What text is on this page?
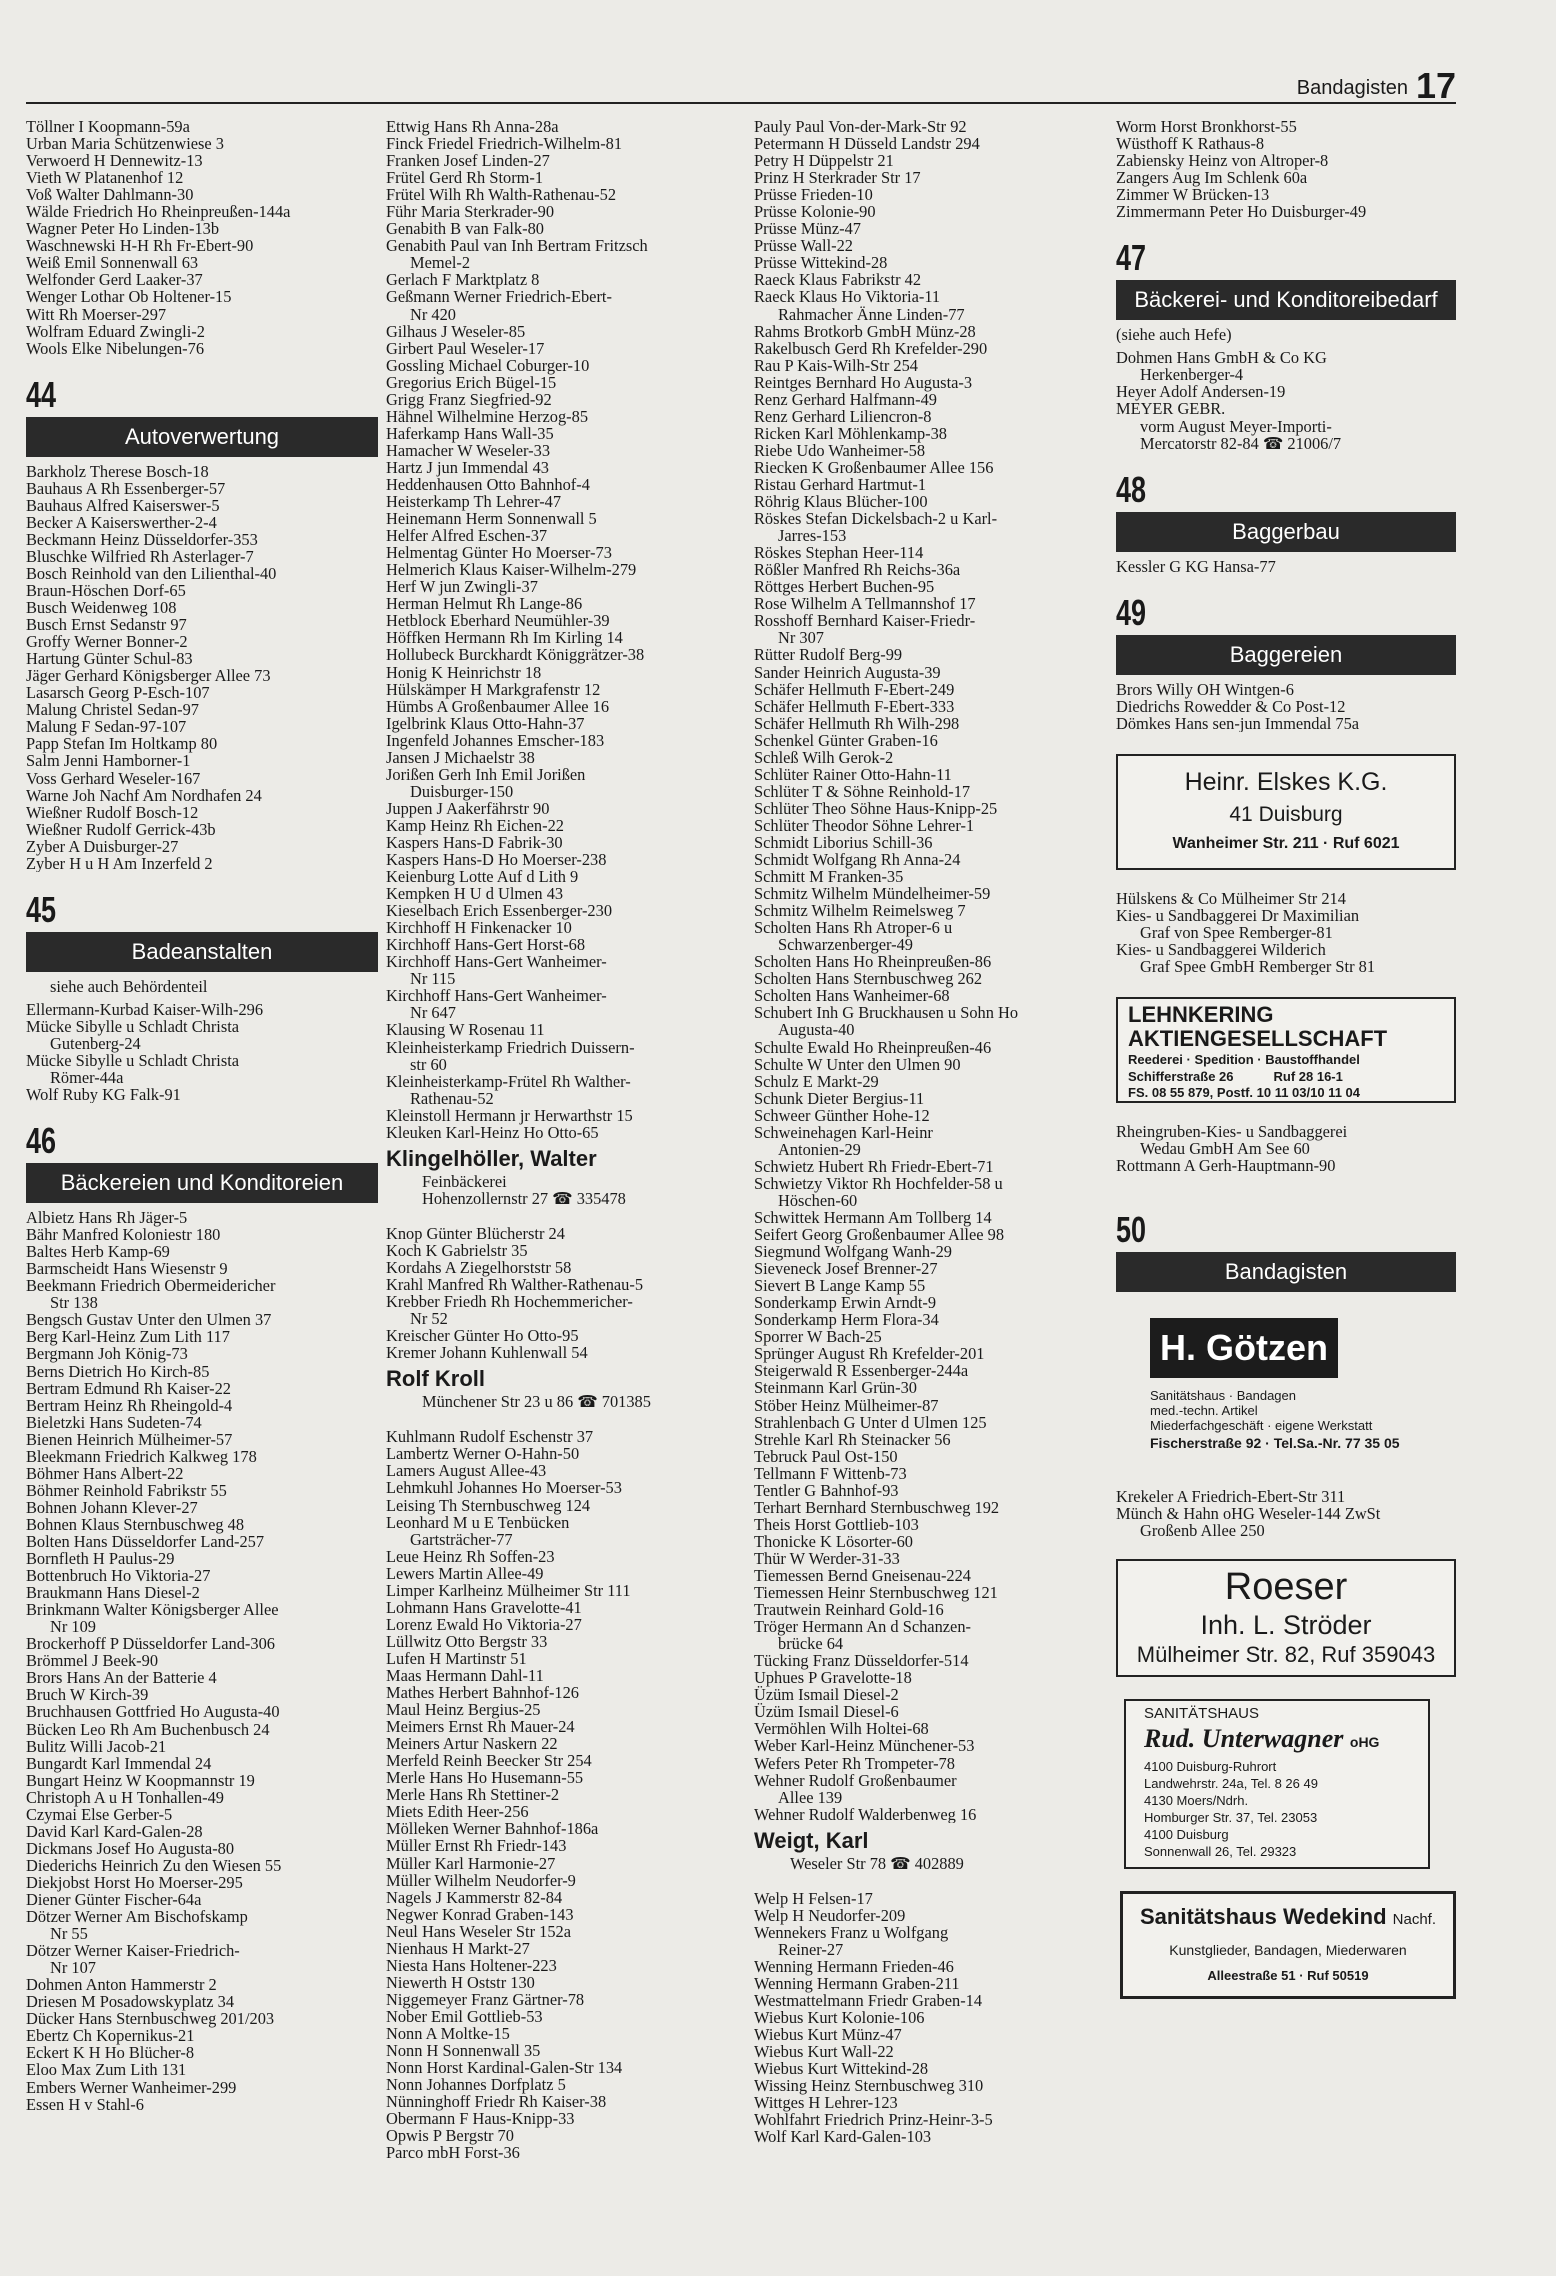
Bandagisten 17
Töllner I Koopmann-59a
Urban Maria Schützenwiese 3
Verwoerd H Dennewitz-13
Vieth W Platanenhof 12
Voß Walter Dahlmann-30
Wälde Friedrich Ho Rheinpreußen-144a
Wagner Peter Ho Linden-13b
Waschnewski H-H Rh Fr-Ebert-90
Weiß Emil Sonnenwall 63
Welfonder Gerd Laaker-37
Wenger Lothar Ob Holtener-15
Witt Rh Moerser-297
Wolfram Eduard Zwingli-2
Wools Elke Nibelungen-76
44
Autoverwertung
Barkholz Therese Bosch-18
Bauhaus A Rh Essenberger-57
Bauhaus Alfred Kaiserswer-5
Becker A Kaiserswerther-2-4
Beckmann Heinz Düsseldorfer-353
Bluschke Wilfried Rh Asterlager-7
Bosch Reinhold van den Lilienthal-40
Braun-Höschen Dorf-65
Busch Weidenweg 108
Busch Ernst Sedanstr 97
Groffy Werner Bonner-2
Hartung Günter Schul-83
Jäger Gerhard Königsberger Allee 73
Lasarsch Georg P-Esch-107
Malung Christel Sedan-97
Malung F Sedan-97-107
Papp Stefan Im Holtkamp 80
Salm Jenni Hamborner-1
Voss Gerhard Weseler-167
Warne Joh Nachf Am Nordhafen 24
Wießner Rudolf Bosch-12
Wießner Rudolf Gerrick-43b
Zyber A Duisburger-27
Zyber H u H Am Inzerfeld 2
45
Badeanstalten
siehe auch Behördenteil
Ellermann-Kurbad Kaiser-Wilh-296
Mücke Sibylle u Schladt Christa
Gutenberg-24
Mücke Sibylle u Schladt Christa
Römer-44a
Wolf Ruby KG Falk-91
46
Bäckereien und Konditoreien
Albietz Hans Rh Jäger-5
Bähr Manfred Koloniestr 180
Baltes Herb Kamp-69
Barmscheidt Hans Wiesenstr 9
Beekmann Friedrich Obermeidericher
Str 138
Bengsch Gustav Unter den Ulmen 37
Berg Karl-Heinz Zum Lith 117
Bergmann Joh König-73
Berns Dietrich Ho Kirch-85
Bertram Edmund Rh Kaiser-22
Bertram Heinz Rh Rheingold-4
Bieletzki Hans Sudeten-74
Bienen Heinrich Mülheimer-57
Bleekmann Friedrich Kalkweg 178
Böhmer Hans Albert-22
Böhmer Reinhold Fabrikstr 55
Bohnen Johann Klever-27
Bohnen Klaus Sternbuschweg 48
Bolten Hans Düsseldorfer Land-257
Bornfleth H Paulus-29
Bottenbruch Ho Viktoria-27
Braukmann Hans Diesel-2
Brinkmann Walter Königsberger Allee
Nr 109
Brockerhoff P Düsseldorfer Land-306
Brömmel J Beek-90
Brors Hans An der Batterie 4
Bruch W Kirch-39
Bruchhausen Gottfried Ho Augusta-40
Bücken Leo Rh Am Buchenbusch 24
Bulitz Willi Jacob-21
Bungardt Karl Immendal 24
Bungart Heinz W Koopmannstr 19
Christoph A u H Tonhallen-49
Czymai Else Gerber-5
David Karl Kard-Galen-28
Dickmans Josef Ho Augusta-80
Diederichs Heinrich Zu den Wiesen 55
Diekjobst Horst Ho Moerser-295
Diener Günter Fischer-64a
Dötzer Werner Am Bischofskamp
Nr 55
Dötzer Werner Kaiser-Friedrich-
Nr 107
Dohmen Anton Hammerstr 2
Driesen M Posadowskyplatz 34
Dücker Hans Sternbuschweg 201/203
Ebertz Ch Kopernikus-21
Eckert K H Ho Blücher-8
Eloo Max Zum Lith 131
Embers Werner Wanheimer-299
Essen H v Stahl-6
Ettwig Hans Rh Anna-28a
Finck Friedel Friedrich-Wilhelm-81
Franken Josef Linden-27
Frütel Gerd Rh Storm-1
Frütel Wilh Rh Walth-Rathenau-52
Führ Maria Sterkrader-90
Genabith B van Falk-80
Genabith Paul van Inh Bertram Fritzsch
Memel-2
Gerlach F Marktplatz 8
Geßmann Werner Friedrich-Ebert-
Nr 420
Gilhaus J Weseler-85
Girbert Paul Weseler-17
Gossling Michael Coburger-10
Gregorius Erich Bügel-15
Grigg Franz Siegfried-92
Hähnel Wilhelmine Herzog-85
Haferkamp Hans Wall-35
Hamacher W Weseler-33
Hartz J jun Immendal 43
Heddenhausen Otto Bahnhof-4
Heisterkamp Th Lehrer-47
Heinemann Herm Sonnenwall 5
Helfer Alfred Eschen-37
Helmentag Günter Ho Moerser-73
Helmerich Klaus Kaiser-Wilhelm-279
Herf W jun Zwingli-37
Herman Helmut Rh Lange-86
Hetblock Eberhard Neumühler-39
Höffken Hermann Rh Im Kirling 14
Hollubeck Burckhardt Königgrätzer-38
Honig K Heinrichstr 18
Hülskämper H Markgrafenstr 12
Hümbs A Großenbaumer Allee 16
Igelbrink Klaus Otto-Hahn-37
Ingenfeld Johannes Emscher-183
Jansen J Michaelstr 38
Jorißen Gerh Inh Emil Jorißen
Duisburger-150
Juppen J Aakerfährstr 90
Kamp Heinz Rh Eichen-22
Kaspers Hans-D Fabrik-30
Kaspers Hans-D Ho Moerser-238
Keienburg Lotte Auf d Lith 9
Kempken H U d Ulmen 43
Kieselbach Erich Essenberger-230
Kirchhoff H Finkenacker 10
Kirchhoff Hans-Gert Horst-68
Kirchhoff Hans-Gert Wanheimer-
Nr 115
Kirchhoff Hans-Gert Wanheimer-
Nr 647
Klausing W Rosenau 11
Kleinheisterkamp Friedrich Duissern-
str 60
Kleinheisterkamp-Frütel Rh Walther-
Rathenau-52
Kleinstoll Hermann jr Herwarthstr 15
Kleuken Karl-Heinz Ho Otto-65
Klingelhöller, Walter
Feinbäckerei
Hohenzollernstr 27 ☎ 335478
Knop Günter Blücherstr 24
Koch K Gabrielstr 35
Kordahs A Ziegelhorststr 58
Krahl Manfred Rh Walther-Rathenau-5
Krebber Friedh Rh Hochemmericher-
Nr 52
Kreischer Günter Ho Otto-95
Kremer Johann Kuhlenwall 54
Rolf Kroll
Münchener Str 23 u 86 ☎ 701385
Kuhlmann Rudolf Eschenstr 37
Lambertz Werner O-Hahn-50
Lamers August Allee-43
Lehmkuhl Johannes Ho Moerser-53
Leising Th Sternbuschweg 124
Leonhard M u E Tenbücken
Gartsträcher-77
Leue Heinz Rh Soffen-23
Lewers Martin Allee-49
Limper Karlheinz Mülheimer Str 111
Lohmann Hans Gravelotte-41
Lorenz Ewald Ho Viktoria-27
Lüllwitz Otto Bergstr 33
Lufen H Martinstr 51
Maas Hermann Dahl-11
Mathes Herbert Bahnhof-126
Maul Heinz Bergius-25
Meimers Ernst Rh Mauer-24
Meiners Artur Naskern 22
Merfeld Reinh Beecker Str 254
Merle Hans Ho Husemann-55
Merle Hans Rh Stettiner-2
Miets Edith Heer-256
Mölleken Werner Bahnhof-186a
Müller Ernst Rh Friedr-143
Müller Karl Harmonie-27
Müller Wilhelm Neudorfer-9
Nagels J Kammerstr 82-84
Negwer Konrad Graben-143
Neul Hans Weseler Str 152a
Nienhaus H Markt-27
Niesta Hans Holtener-223
Niewerth H Oststr 130
Niggemeyer Franz Gärtner-78
Nober Emil Gottlieb-53
Nonn A Moltke-15
Nonn H Sonnenwall 35
Nonn Horst Kardinal-Galen-Str 134
Nonn Johannes Dorfplatz 5
Nünninghoff Friedr Rh Kaiser-38
Obermann F Haus-Knipp-33
Opwis P Bergstr 70
Parco mbH Forst-36
Pauly Paul Von-der-Mark-Str 92
Petermann H Düsseld Landstr 294
Petry H Düppelstr 21
Prinz H Sterkrader Str 17
Prüsse Frieden-10
Prüsse Kolonie-90
Prüsse Münz-47
Prüsse Wall-22
Prüsse Wittekind-28
Raeck Klaus Fabrikstr 42
Raeck Klaus Ho Viktoria-11
Rahmacher Änne Linden-77
Rahms Brotkorb GmbH Münz-28
Rakelbusch Gerd Rh Krefelder-290
Rau P Kais-Wilh-Str 254
Reintges Bernhard Ho Augusta-3
Renz Gerhard Halfmann-49
Renz Gerhard Liliencron-8
Ricken Karl Möhlenkamp-38
Riebe Udo Wanheimer-58
Riecken K Großenbaumer Allee 156
Ristau Gerhard Hartmut-1
Röhrig Klaus Blücher-100
Röskes Stefan Dickelsbach-2 u Karl-
Jarres-153
Röskes Stephan Heer-114
Rößler Manfred Rh Reichs-36a
Röttges Herbert Buchen-95
Rose Wilhelm A Tellmannshof 17
Rosshoff Bernhard Kaiser-Friedr-
Nr 307
Rütter Rudolf Berg-99
Sander Heinrich Augusta-39
Schäfer Hellmuth F-Ebert-249
Schäfer Hellmuth F-Ebert-333
Schäfer Hellmuth Rh Wilh-298
Schenkel Günter Graben-16
Schleß Wilh Gerok-2
Schlüter Rainer Otto-Hahn-11
Schlüter T & Söhne Reinhold-17
Schlüter Theo Söhne Haus-Knipp-25
Schlüter Theodor Söhne Lehrer-1
Schmidt Liborius Schill-36
Schmidt Wolfgang Rh Anna-24
Schmitt M Franken-35
Schmitz Wilhelm Mündelheimer-59
Schmitz Wilhelm Reimelsweg 7
Scholten Hans Rh Atroper-6 u
Schwarzenberger-49
Scholten Hans Ho Rheinpreußen-86
Scholten Hans Sternbuschweg 262
Scholten Hans Wanheimer-68
Schubert Inh G Bruckhausen u Sohn Ho
Augusta-40
Schulte Ewald Ho Rheinpreußen-46
Schulte W Unter den Ulmen 90
Schulz E Markt-29
Schunk Dieter Bergius-11
Schweer Günther Hohe-12
Schweinehagen Karl-Heinr
Antonien-29
Schwietz Hubert Rh Friedr-Ebert-71
Schwietzy Viktor Rh Hochfelder-58 u
Höschen-60
Schwittek Hermann Am Tollberg 14
Seifert Georg Großenbaumer Allee 98
Siegmund Wolfgang Wanh-29
Sieveneck Josef Brenner-27
Sievert B Lange Kamp 55
Sonderkamp Erwin Arndt-9
Sonderkamp Herm Flora-34
Sporrer W Bach-25
Sprünger August Rh Krefelder-201
Steigerwald R Essenberger-244a
Steinmann Karl Grün-30
Stöber Heinz Mülheimer-87
Strahlenbach G Unter d Ulmen 125
Strehle Karl Rh Steinacker 56
Tebruck Paul Ost-150
Tellmann F Wittenb-73
Tentler G Bahnhof-93
Terhart Bernhard Sternbuschweg 192
Theis Horst Gottlieb-103
Thonicke K Lösorter-60
Thür W Werder-31-33
Tiemessen Bernd Gneisenau-224
Tiemessen Heinr Sternbuschweg 121
Trautwein Reinhard Gold-16
Tröger Hermann An d Schanzen-
brücke 64
Tücking Franz Düsseldorfer-514
Uphues P Gravelotte-18
Üzüm Ismail Diesel-2
Üzüm Ismail Diesel-6
Vermöhlen Wilh Holtei-68
Weber Karl-Heinz Münchener-53
Wefers Peter Rh Trompeter-78
Wehner Rudolf Großenbaumer
Allee 139
Wehner Rudolf Walderbenweg 16
Weigt, Karl
Weseler Str 78 ☎ 402889
Welp H Felsen-17
Welp H Neudorfer-209
Wennekers Franz u Wolfgang
Reiner-27
Wenning Hermann Frieden-46
Wenning Hermann Graben-211
Westmattelmann Friedr Graben-14
Wiebus Kurt Kolonie-106
Wiebus Kurt Münz-47
Wiebus Kurt Wall-22
Wiebus Kurt Wittekind-28
Wissing Heinz Sternbuschweg 310
Wittges H Lehrer-123
Wohlfahrt Friedrich Prinz-Heinr-3-5
Wolf Karl Kard-Galen-103
Worm Horst Bronkhorst-55
Wüsthoff K Rathaus-8
Zabiensky Heinz von Altroper-8
Zangers Aug Im Schlenk 60a
Zimmer W Brücken-13
Zimmermann Peter Ho Duisburger-49
47
Bäckerei- und Konditoreibedarf
(siehe auch Hefe)
Dohmen Hans GmbH & Co KG
Herkenberger-4
Heyer Adolf Andersen-19
MEYER GEBR.
vorm August Meyer-Importi-
Mercatorstr 82-84 ☎ 21006/7
48
Baggerbau
Kessler G KG Hansa-77
49
Baggereien
Brors Willy OH Wintgen-6
Diedrichs Rowedder & Co Post-12
Dömkes Hans sen-jun Immendal 75a
Heinr. Elskes K.G.
41 Duisburg
Wanheimer Str. 211 · Ruf 6021
Hülskens & Co Mülheimer Str 214
Kies- u Sandbaggerei Dr Maximilian
Graf von Spee Remberger-81
Kies- u Sandbaggerei Wilderich
Graf Spee GmbH Remberger Str 81
LEHNKERING
AKTIENGESELLSCHAFT
Reederei · Spedition · Baustoffhandel
Schifferstraße 26	Ruf 28 16-1
FS. 08 55 879, Postf. 10 11 03/10 11 04
Rheingruben-Kies- u Sandbaggerei
Wedau GmbH Am See 60
Rottmann A Gerh-Hauptmann-90
50
Bandagisten
H. Götzen
Sanitätshaus · Bandagen
med.-techn. Artikel
Miederfachgeschäft · eigene Werkstatt
Fischerstraße 92 · Tel.Sa.-Nr. 77 35 05
Krekeler A Friedrich-Ebert-Str 311
Münch & Hahn oHG Weseler-144 ZwSt
Großenb Allee 250
Roeser
Inh. L. Ströder
Mülheimer Str. 82, Ruf 359043
SANITÄTSHAUS
Rud. Unterwagner oHG
4100 Duisburg-Ruhrort
Landwehrstr. 24a, Tel. 8 26 49
4130 Moers/Ndrh.
Homburger Str. 37, Tel. 23053
4100 Duisburg
Sonnenwall 26, Tel. 29323
Sanitätshaus Wedekind Nachf.
Kunstglieder, Bandagen, Miederwaren
Alleestraße 51 · Ruf 50519
